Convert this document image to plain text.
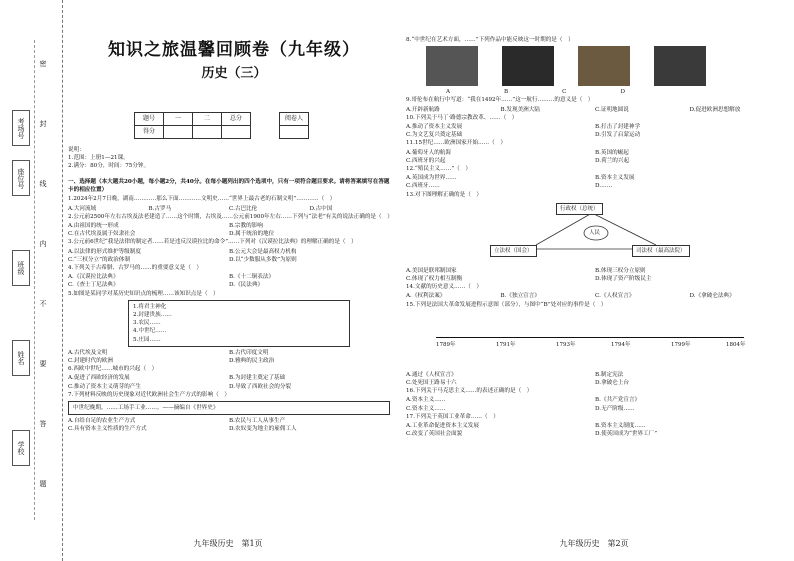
考场号
座位号
班级
姓名
学校
密
封
线
内
不
要
答
题
知识之旅温馨回顾卷（九年级）
历史（三）
题号	一	二	总分		阅卷人
得分					
说明：
1.范围：上册1—21课。
2.满分：80分，时间：75分钟。
一、选择题（本大题共20小题，每小题2分，共40分。在每小题列出的四个选项中，只有一项符合题目要求。请将答案填写在答题卡的相应位置）
1.2024年2月7日晚，湖南…………那么下面…………文明史……“世界上最古老的石制文明”…………（　）
A.大河流域	B.古罗马	C.古巴比伦	D.古中国
2.公元前2500年左右古埃及法老建造了……这个时期，古埃及……公元前1900年左右……下列与“法老”有关的说法正确的是（　）
A.由祖国的统一形成	B.宗教的影响
C.在古代埃及属于奴隶社会	D.属于统治的地位
3.公元前6世纪“我是法律的制定者……若是违反汉谟拉比的命令”……下列对《汉谟拉比法典》的理解正确的是（　）
A.以法律的形式维护等级制度	B.公元大会是最高权力机构
C.“三权分立”的政治体制	D.以“少数服从多数”为原则
4.下列关于古希腊、古罗马的……的重要意义是（　）
A.《汉谟拉比法典》	B.《十二铜表法》
C.《查士丁尼法典》	D.《民法典》
5.如图是某同学对某历史知识点的梳理……该知识点是（　）
1.将君主神化
2.封建贵族……
3.农民……
4.中世纪……
5.庄园……
A.古代埃及文明	B.古代印度文明
C.封建时代的欧洲	D.雅典的民主政治
6.西欧中世纪……城市的兴起（　）
A.促进了西欧经济的发展	B.为封建主奠定了基础
C.推动了资本主义萌芽的产生	D.导致了西欧社会的分裂
7.下列材料反映的历史现象对近代欧洲社会生产方式的影响（　）
中世纪晚期，……工场手工业……。——摘编自《世界史》
A.自给自足的农业生产方式	B.农民与工人从事生产
C.具有资本主义性质的生产方式	D.农奴变为地主的雇佣工人
九年级历史　第1页
8.“中世纪在艺术方面，……”下列作品中能反映这一时期的是（　）
A	B	C	D
9.哥伦布在航行中写道：“我在1492年……”这一航行………的意义是（　）
A.开辟新航路	B.发现美洲大陆	C.证明地圆说	D.促进欧洲思想解放
10.下列关于马丁·路德宗教改革、……（　）
A.推动了资本主义发展	B.打击了封建神学
C.为文艺复兴奠定基础	D.引发了启蒙运动
11.15世纪……欧洲国家开始……（　）
A.葡萄牙人的航海	B.英国的崛起
C.西班牙的兴起	D.荷兰的兴起
12.“殖民主义……”（　）
A.英国成为世界……	B.资本主义发展
C.西班牙……	D.……
13.对下图理解正确的是（　）
行政权（总统）
立法权（国会）	司法权（最高法院）
人民
A.美国是联邦制国家	B.体现三权分立原则
C.体现了权力相互制衡	D.体现了资产阶级民主
14.文献的历史意义……（　）
A.《权利法案》	B.《独立宣言》	C.《人权宣言》	D.《拿破仑法典》
15.下列是法国大革命发展进程示意图（部分），与图中“B”处对应的事件是（　）
1789年	1791年	1793年	1794年	1799年	1804年
A.通过《人权宣言》	B.制定宪法
C.处死国王路易十六	D.拿破仑上台
16.下列关于马克思主义……的表述正确的是（　）
A.资本主义……	B.《共产党宣言》
C.资本主义……	D.无产阶级……
17.下列关于英国工业革命……（　）
A.工业革命促进资本主义发展	B.资本主义制度……
C.改变了英国社会面貌	D.使英国成为“世界工厂”
九年级历史　第2页
